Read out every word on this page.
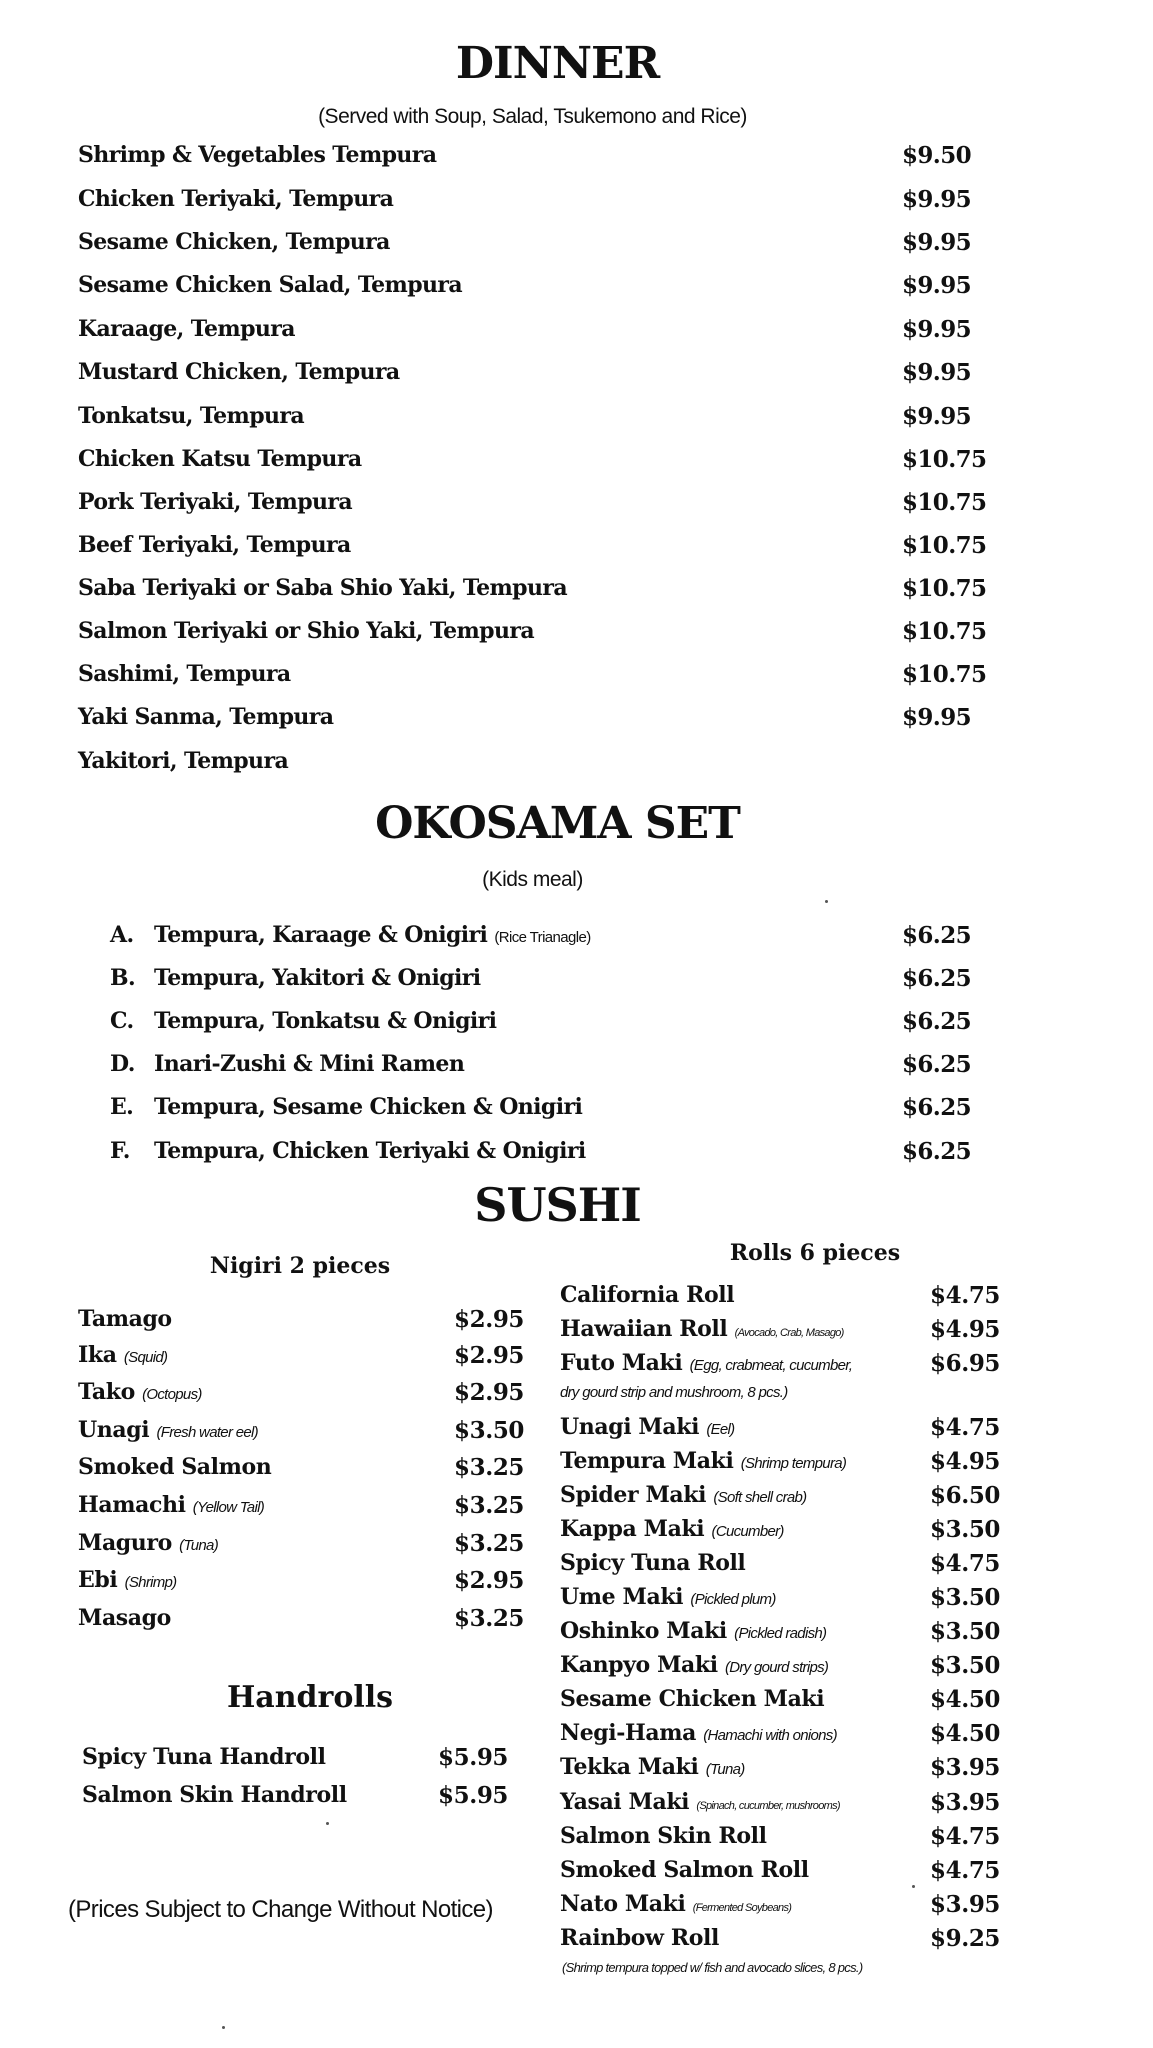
DINNER
(Served with Soup, Salad, Tsukemono and Rice)
Shrimp & Vegetables Tempura	$9.50
Chicken Teriyaki, Tempura	$9.95
Sesame Chicken, Tempura	$9.95
Sesame Chicken Salad, Tempura	$9.95
Karaage, Tempura	$9.95
Mustard Chicken, Tempura	$9.95
Tonkatsu, Tempura	$9.95
Chicken Katsu Tempura	$10.75
Pork Teriyaki, Tempura	$10.75
Beef Teriyaki, Tempura	$10.75
Saba Teriyaki or Saba Shio Yaki, Tempura	$10.75
Salmon Teriyaki or Shio Yaki, Tempura	$10.75
Sashimi, Tempura	$10.75
Yaki Sanma, Tempura	$9.95
Yakitori, Tempura
OKOSAMA SET
(Kids meal)
A. Tempura, Karaage & Onigiri (Rice Trianagle)	$6.25
B. Tempura, Yakitori & Onigiri	$6.25
C. Tempura, Tonkatsu & Onigiri	$6.25
D. Inari-Zushi & Mini Ramen	$6.25
E. Tempura, Sesame Chicken & Onigiri	$6.25
F. Tempura, Chicken Teriyaki & Onigiri	$6.25
SUSHI
Nigiri 2 pieces
Tamago	$2.95
Ika (Squid)	$2.95
Tako (Octopus)	$2.95
Unagi (Fresh water eel)	$3.50
Smoked Salmon	$3.25
Hamachi (Yellow Tail)	$3.25
Maguro (Tuna)	$3.25
Ebi (Shrimp)	$2.95
Masago	$3.25
Handrolls
Spicy Tuna Handroll	$5.95
Salmon Skin Handroll	$5.95
Rolls 6 pieces
California Roll	$4.75
Hawaiian Roll (Avocado, Crab, Masago)	$4.95
Futo Maki (Egg, crabmeat, cucumber,	$6.95
dry gourd strip and mushroom, 8 pcs.)
Unagi Maki (Eel)	$4.75
Tempura Maki (Shrimp tempura)	$4.95
Spider Maki (Soft shell crab)	$6.50
Kappa Maki (Cucumber)	$3.50
Spicy Tuna Roll	$4.75
Ume Maki (Pickled plum)	$3.50
Oshinko Maki (Pickled radish)	$3.50
Kanpyo Maki (Dry gourd strips)	$3.50
Sesame Chicken Maki	$4.50
Negi-Hama (Hamachi with onions)	$4.50
Tekka Maki (Tuna)	$3.95
Yasai Maki (Spinach, cucumber, mushrooms)	$3.95
Salmon Skin Roll	$4.75
Smoked Salmon Roll	$4.75
Nato Maki (Fermented Soybeans)	$3.95
Rainbow Roll	$9.25
(Shrimp tempura topped w/ fish and avocado slices, 8 pcs.)
(Prices Subject to Change Without Notice)
